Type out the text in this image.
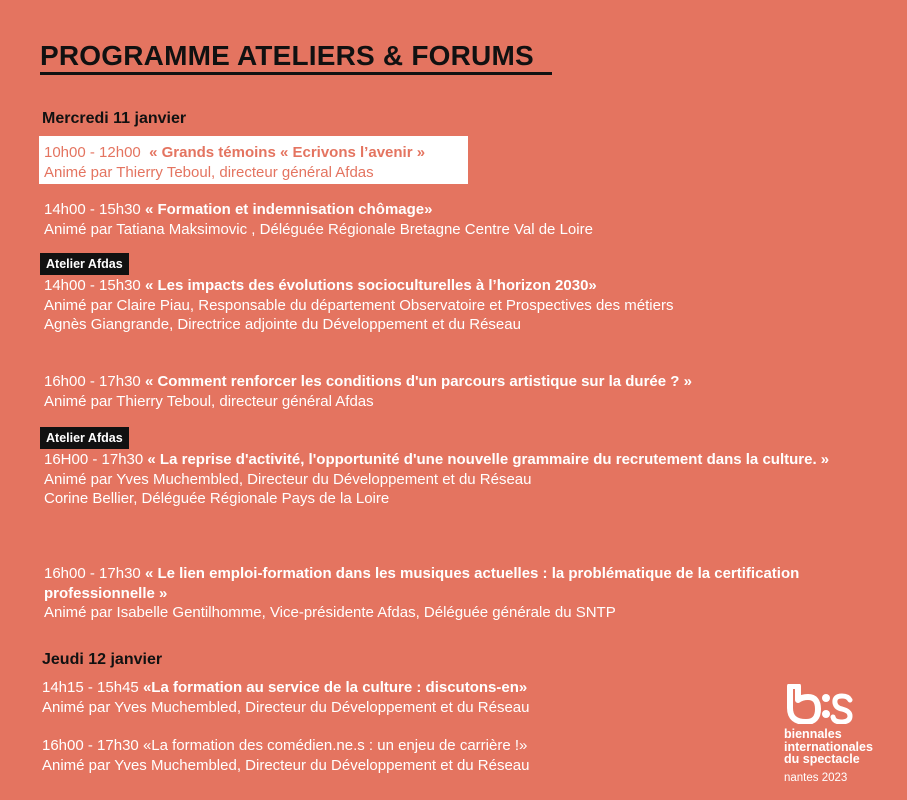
PROGRAMME ATELIERS & FORUMS
Mercredi 11 janvier
10h00 - 12h00 « Grands témoins « Ecrivons l’avenir »
Animé par Thierry Teboul, directeur général Afdas
14h00 - 15h30 « Formation et indemnisation chômage»
Animé par Tatiana Maksimovic , Déléguée Régionale Bretagne Centre Val de Loire
Atelier Afdas
14h00 - 15h30 « Les impacts des évolutions socioculturelles à l’horizon 2030»
Animé par Claire Piau, Responsable du département Observatoire et Prospectives des métiers
Agnès Giangrande, Directrice adjointe du Développement et du Réseau
16h00 - 17h30 « Comment renforcer les conditions d'un parcours artistique sur la durée ? »
Animé par Thierry Teboul, directeur général Afdas
Atelier Afdas
16H00 - 17h30 « La reprise d'activité, l'opportunité d'une nouvelle grammaire du recrutement dans la culture. »
Animé par Yves Muchembled, Directeur du Développement et du Réseau
Corine Bellier, Déléguée Régionale Pays de la Loire
16h00 - 17h30 « Le lien emploi-formation dans les musiques actuelles : la problématique de la certification professionnelle »
Animé par Isabelle Gentilhomme, Vice-présidente Afdas, Déléguée générale du SNTP
Jeudi 12 janvier
14h15 - 15h45 «La formation au service de la culture : discutons-en»
Animé par Yves Muchembled, Directeur du Développement et du Réseau
16h00 - 17h30 «La formation des comédien.ne.s : un enjeu de carrière !»
Animé par Yves Muchembled, Directeur du Développement et du Réseau
biennales
internationales
du spectacle
nantes 2023
